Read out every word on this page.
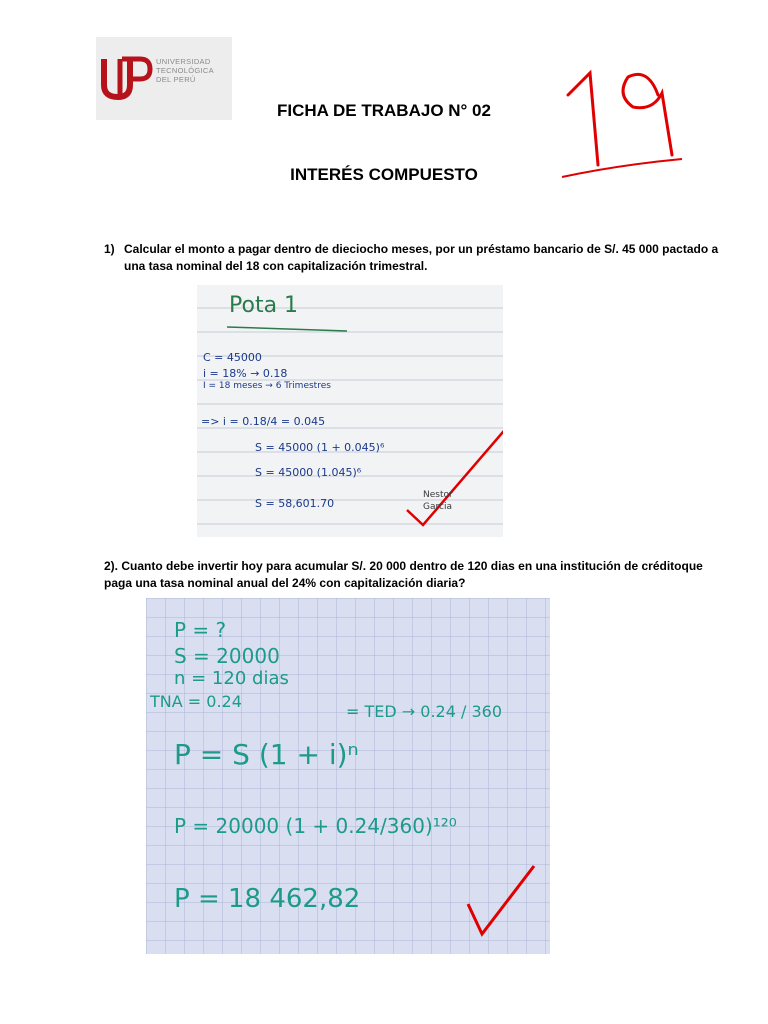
UNIVERSIDAD
TECNOLÓGICA
DEL PERÚ
FICHA DE TRABAJO N° 02
INTERÉS COMPUESTO
1) Calcular el monto a pagar dentro de dieciocho meses, por un préstamo bancario de S/. 45 000 pactado a una tasa nominal del 18 con capitalización trimestral.
Pota 1
C = 45000
i = 18% → 0.18
I = 18 meses → 6 Trimestres
=> i = 0.18/4 = 0.045
S = 45000 (1 + 0.045)⁶
S = 45000 (1.045)⁶
S = 58,601.70
Nestor Garcia
2). Cuanto debe invertir hoy para acumular S/. 20 000 dentro de 120 dias en una institución de créditoque paga una tasa nominal anual del 24% con capitalización diaria?
P = ?
S = 20000
n = 120 dias
TNA = 0.24
= TED → 0.24 / 360
P = S (1 + i)ⁿ
P = 20000 (1 + 0.24/360)¹²⁰
P = 18 462,82
